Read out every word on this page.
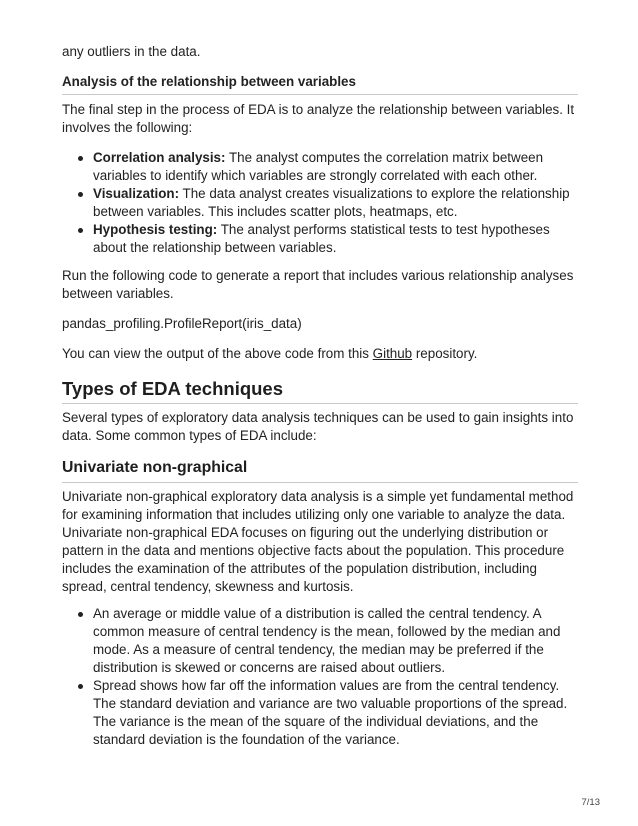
any outliers in the data.

Analysis of the relationship between variables

The final step in the process of EDA is to analyze the relationship between variables. It involves the following:

Correlation analysis: The analyst computes the correlation matrix between variables to identify which variables are strongly correlated with each other.
Visualization: The data analyst creates visualizations to explore the relationship between variables. This includes scatter plots, heatmaps, etc.
Hypothesis testing: The analyst performs statistical tests to test hypotheses about the relationship between variables.

Run the following code to generate a report that includes various relationship analyses between variables.

pandas_profiling.ProfileReport(iris_data)

You can view the output of the above code from this Github repository.

Types of EDA techniques

Several types of exploratory data analysis techniques can be used to gain insights into data. Some common types of EDA include:

Univariate non-graphical

Univariate non-graphical exploratory data analysis is a simple yet fundamental method for examining information that includes utilizing only one variable to analyze the data. Univariate non-graphical EDA focuses on figuring out the underlying distribution or pattern in the data and mentions objective facts about the population. This procedure includes the examination of the attributes of the population distribution, including spread, central tendency, skewness and kurtosis.

An average or middle value of a distribution is called the central tendency. A common measure of central tendency is the mean, followed by the median and mode. As a measure of central tendency, the median may be preferred if the distribution is skewed or concerns are raised about outliers.
Spread shows how far off the information values are from the central tendency. The standard deviation and variance are two valuable proportions of the spread. The variance is the mean of the square of the individual deviations, and the standard deviation is the foundation of the variance.
7/13
